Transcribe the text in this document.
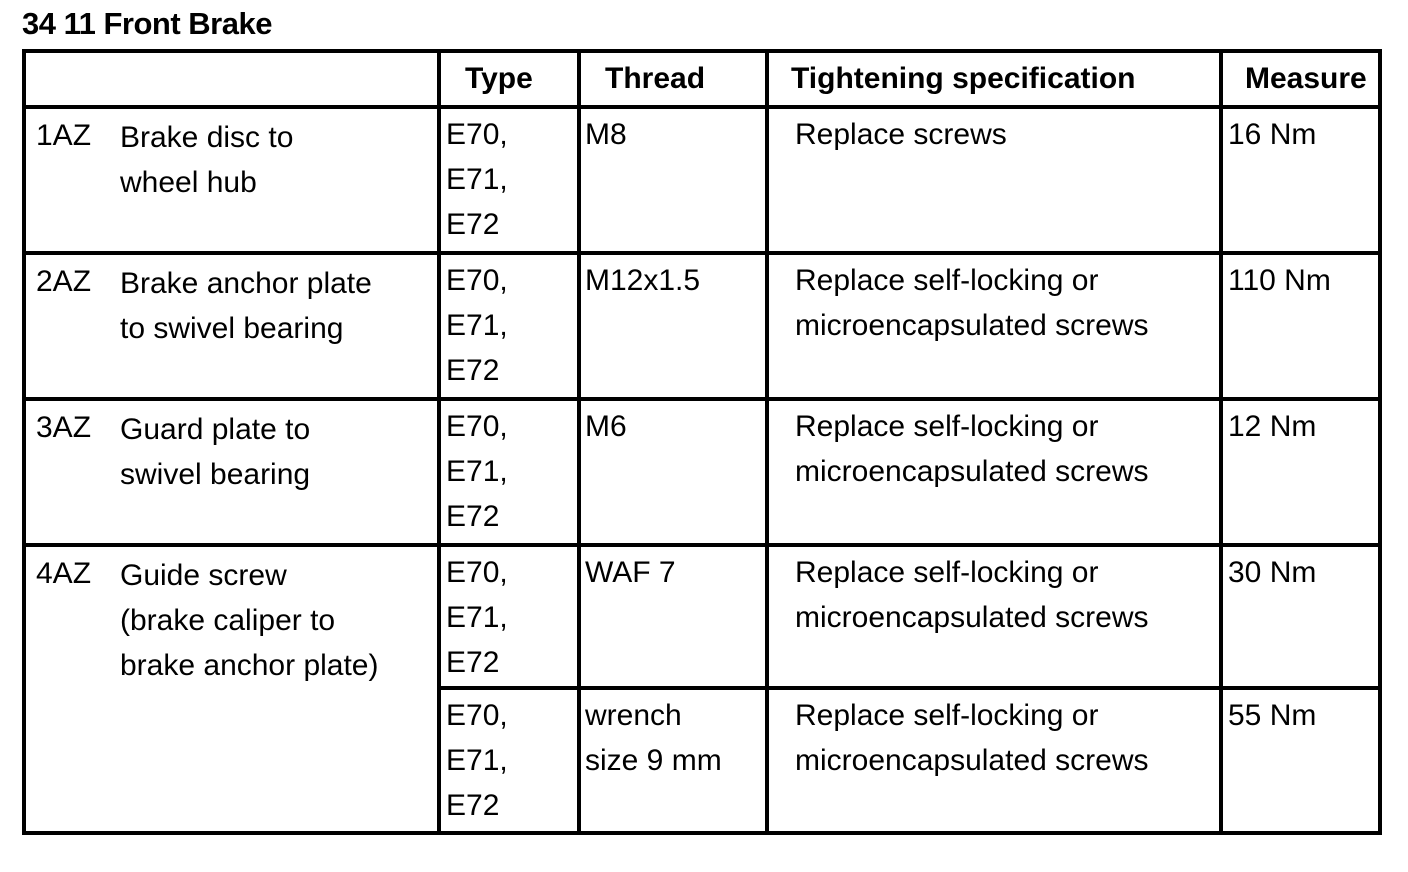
34 11 Front Brake
		Type	Thread	Tightening specification	Measure

1AZ	Brake disc to
wheel hub	E70,
E71,
E72	M8	Replace screws	16 Nm

2AZ	Brake anchor plate
to swivel bearing	E70,
E71,
E72	M12x1.5	Replace self-locking or
microencapsulated screws	110 Nm

3AZ	Guard plate to
swivel bearing	E70,
E71,
E72	M6	Replace self-locking or
microencapsulated screws	12 Nm

4AZ	Guide screw
(brake caliper to
brake anchor plate)	E70,
E71,
E72	WAF 7	Replace self-locking or
microencapsulated screws	30 Nm

		E70,
E71,
E72	wrench
size 9 mm	Replace self-locking or
microencapsulated screws	55 Nm
